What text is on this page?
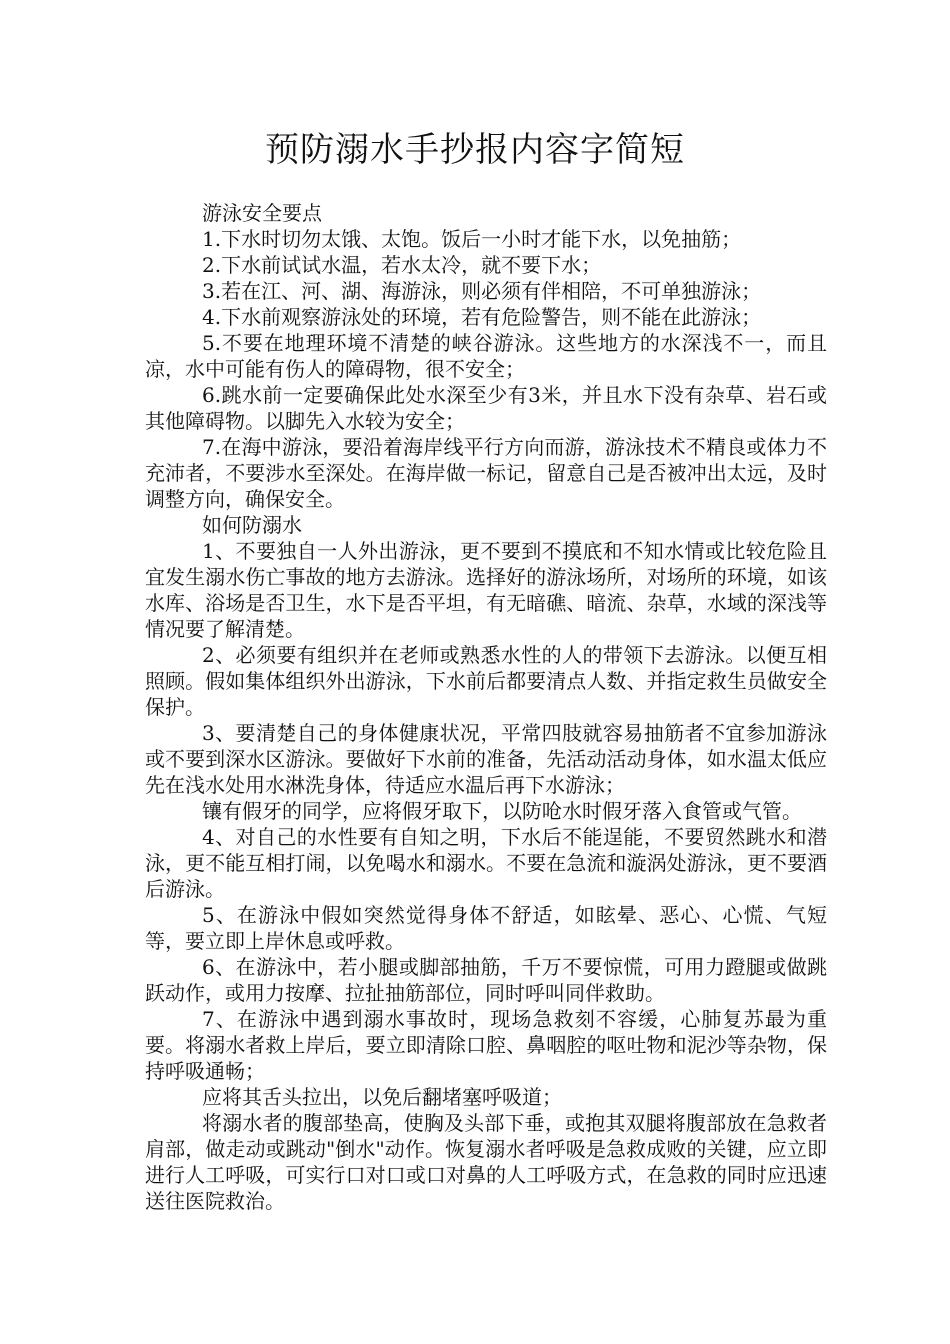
预防溺水手抄报内容字简短

游泳安全要点

1.下水时切勿太饿、太饱。饭后一小时才能下水，以免抽筋；

2.下水前试试水温，若水太冷，就不要下水；

3.若在江、河、湖、海游泳，则必须有伴相陪，不可单独游泳；

4.下水前观察游泳处的环境，若有危险警告，则不能在此游泳；

5.不要在地理环境不清楚的峡谷游泳。这些地方的水深浅不一，而且凉，水中可能有伤人的障碍物，很不安全；

6.跳水前一定要确保此处水深至少有3米，并且水下没有杂草、岩石或其他障碍物。以脚先入水较为安全；

7.在海中游泳，要沿着海岸线平行方向而游，游泳技术不精良或体力不充沛者，不要涉水至深处。在海岸做一标记，留意自己是否被冲出太远，及时调整方向，确保安全。

如何防溺水

1、不要独自一人外出游泳，更不要到不摸底和不知水情或比较危险且宜发生溺水伤亡事故的地方去游泳。选择好的游泳场所，对场所的环境，如该水库、浴场是否卫生，水下是否平坦，有无暗礁、暗流、杂草，水域的深浅等情况要了解清楚。

2、必须要有组织并在老师或熟悉水性的人的带领下去游泳。以便互相照顾。假如集体组织外出游泳，下水前后都要清点人数、并指定救生员做安全保护。

3、要清楚自己的身体健康状况，平常四肢就容易抽筋者不宜参加游泳或不要到深水区游泳。要做好下水前的准备，先活动活动身体，如水温太低应先在浅水处用水淋洗身体，待适应水温后再下水游泳；

镶有假牙的同学，应将假牙取下，以防呛水时假牙落入食管或气管。

4、对自己的水性要有自知之明，下水后不能逞能，不要贸然跳水和潜泳，更不能互相打闹，以免喝水和溺水。不要在急流和漩涡处游泳，更不要酒后游泳。

5、在游泳中假如突然觉得身体不舒适，如眩晕、恶心、心慌、气短等，要立即上岸休息或呼救。

6、在游泳中，若小腿或脚部抽筋，千万不要惊慌，可用力蹬腿或做跳跃动作，或用力按摩、拉扯抽筋部位，同时呼叫同伴救助。

7、在游泳中遇到溺水事故时，现场急救刻不容缓，心肺复苏最为重要。将溺水者救上岸后，要立即清除口腔、鼻咽腔的呕吐物和泥沙等杂物，保持呼吸通畅；

应将其舌头拉出，以免后翻堵塞呼吸道；

将溺水者的腹部垫高，使胸及头部下垂，或抱其双腿将腹部放在急救者肩部，做走动或跳动"倒水"动作。恢复溺水者呼吸是急救成败的关键，应立即进行人工呼吸，可实行口对口或口对鼻的人工呼吸方式，在急救的同时应迅速送往医院救治。
